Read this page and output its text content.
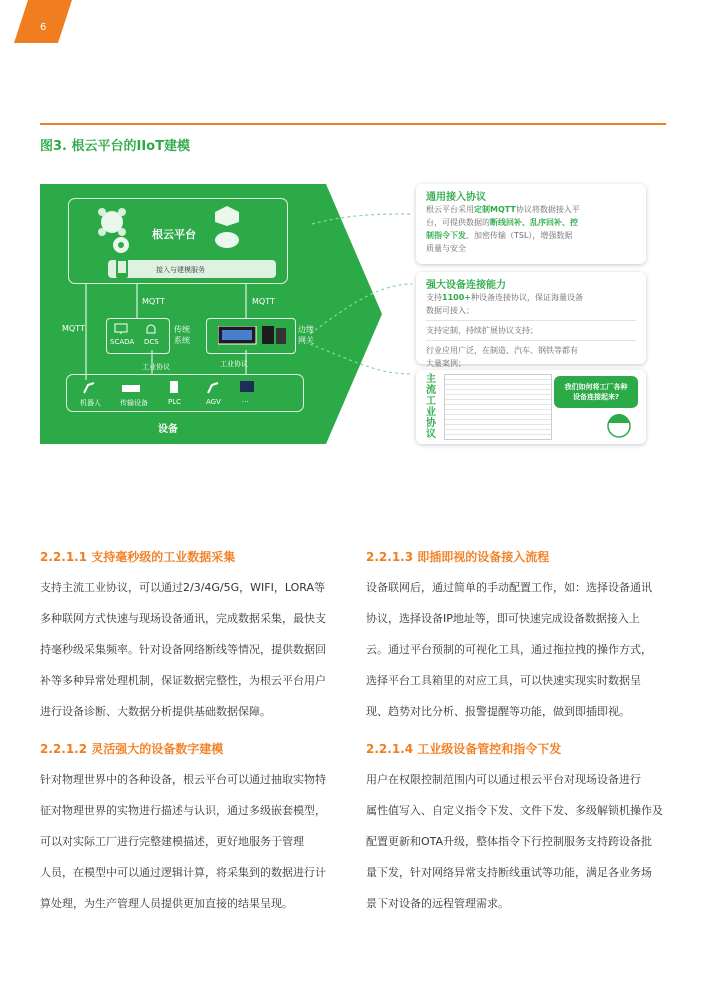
6
图3. 根云平台的IIoT建模
根云平台
接入与建模服务
MQTT
MQTT	MQTT
SCADA DCS
传统
系统
边缘
网关
工业协议	工业协议
机器人	传输设备	PLC	AGV	...
设备
通用接入协议
根云平台采用定制MQTT协议将数据接入平
台，可提供数据的断线回补、乱序回补、控
制指令下发、加密传输（TSL），增强数据
质量与安全
强大设备连接能力
支持1100+种设备连接协议，保证海量设备
数据可接入；
支持定制，持续扩展协议支持；
行业应用广泛，在制造、汽车、钢铁等都有
大量案例；
主
流
工
业
协
议
我们如何将工厂各种
设备连接起来?
2.2.1.1 支持毫秒级的工业数据采集
支持主流工业协议，可以通过2/3/4G/5G，WIFI，LORA等
多种联网方式快速与现场设备通讯，完成数据采集，最快支
持毫秒级采集频率。针对设备网络断线等情况，提供数据回
补等多种异常处理机制，保证数据完整性，为根云平台用户
进行设备诊断、大数据分析提供基础数据保障。
2.2.1.2 灵活强大的设备数字建模
针对物理世界中的各种设备，根云平台可以通过抽取实物特
征对物理世界的实物进行描述与认识，通过多级嵌套模型，
可以对实际工厂进行完整建模描述，更好地服务于管理
人员，在模型中可以通过逻辑计算，将采集到的数据进行计
算处理，为生产管理人员提供更加直接的结果呈现。
2.2.1.3 即插即视的设备接入流程
设备联网后，通过简单的手动配置工作，如：选择设备通讯
协议，选择设备IP地址等，即可快速完成设备数据接入上
云。通过平台预制的可视化工具，通过拖拉拽的操作方式，
选择平台工具箱里的对应工具，可以快速实现实时数据呈
现、趋势对比分析、报警提醒等功能，做到即插即视。
2.2.1.4 工业级设备管控和指令下发
用户在权限控制范围内可以通过根云平台对现场设备进行
属性值写入、自定义指令下发、文件下发、多级解锁机操作及
配置更新和OTA升级，整体指令下行控制服务支持跨设备批
量下发，针对网络异常支持断线重试等功能，满足各业务场
景下对设备的远程管理需求。
